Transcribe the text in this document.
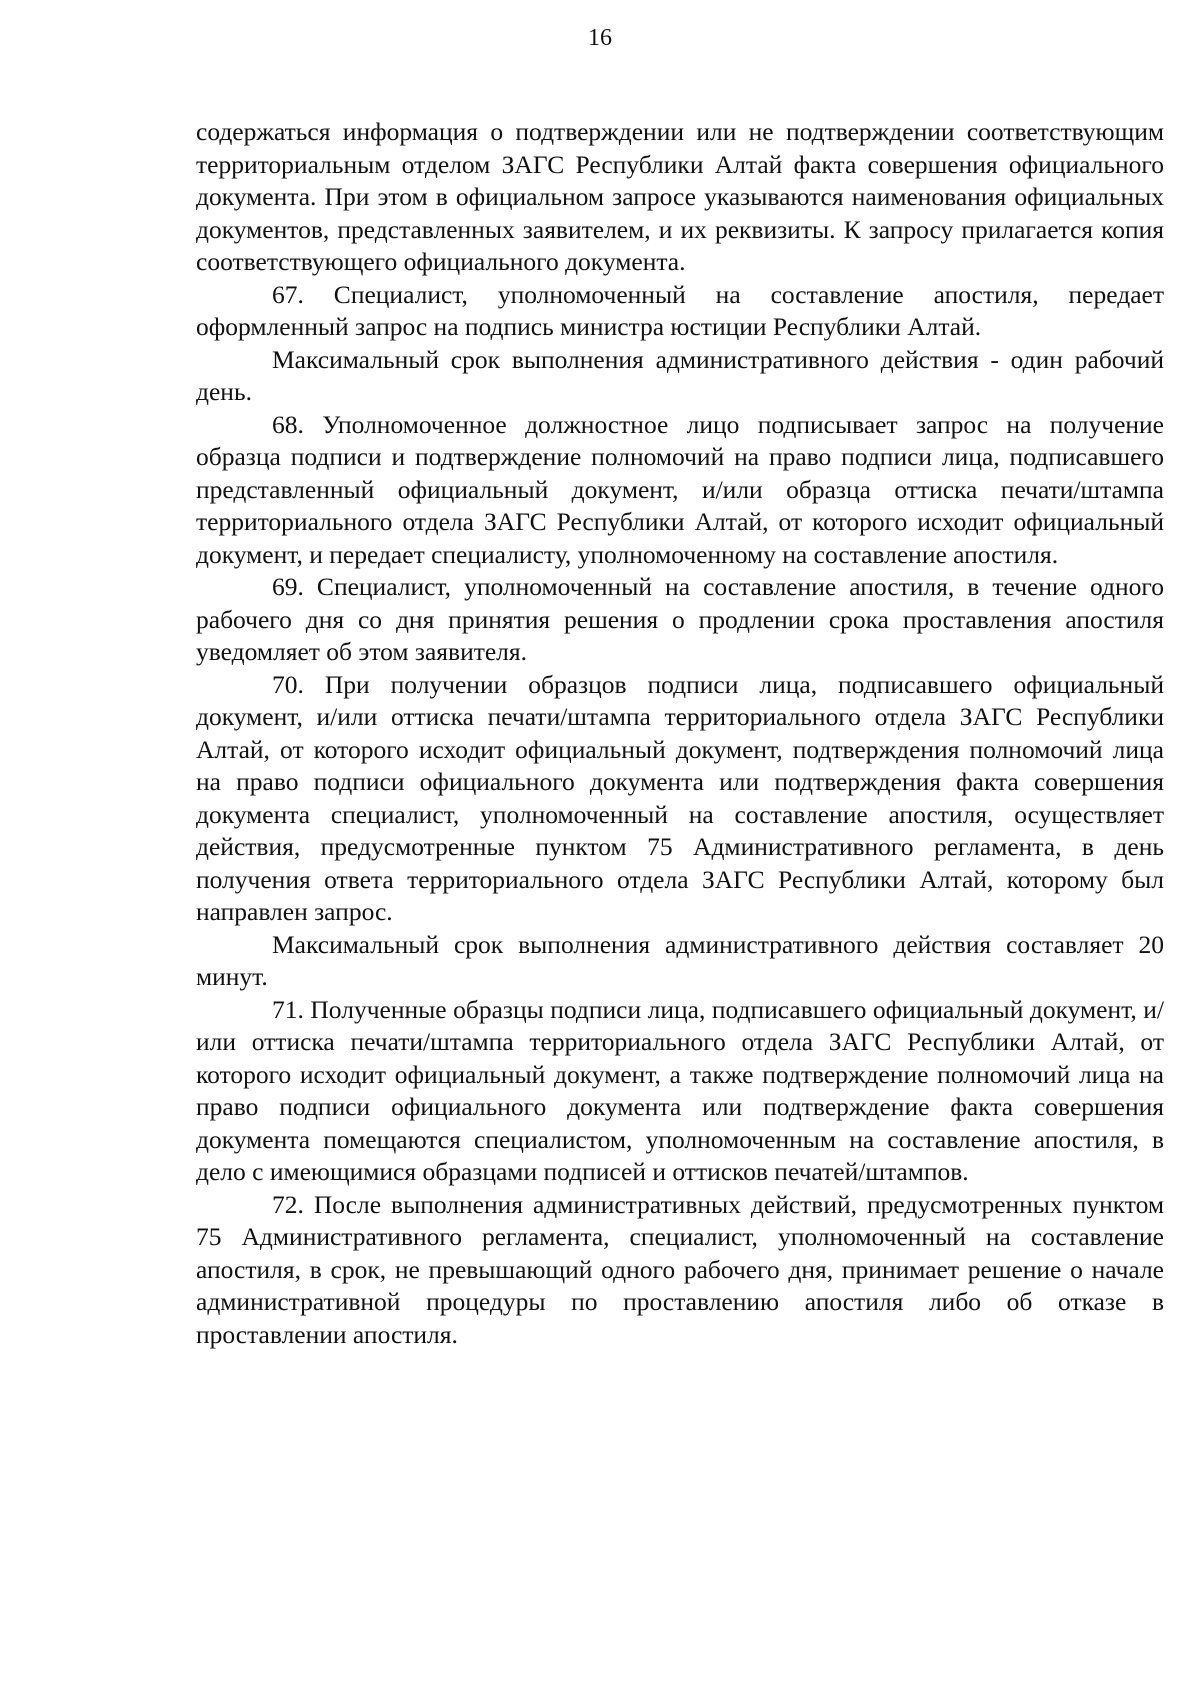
16

содержаться информация о подтверждении или не подтверждении соответствующим территориальным отделом ЗАГС Республики Алтай факта совершения официального документа. При этом в официальном запросе указываются наименования официальных документов, представленных заявителем, и их реквизиты. К запросу прилагается копия соответствующего официального документа.

67. Специалист, уполномоченный на составление апостиля, передает оформленный запрос на подпись министра юстиции Республики Алтай.

Максимальный срок выполнения административного действия - один рабочий день.

68. Уполномоченное должностное лицо подписывает запрос на получение образца подписи и подтверждение полномочий на право подписи лица, подписавшего представленный официальный документ, и/или образца оттиска печати/штампа территориального отдела ЗАГС Республики Алтай, от которого исходит официальный документ, и передает специалисту, уполномоченному на составление апостиля.

69. Специалист, уполномоченный на составление апостиля, в течение одного рабочего дня со дня принятия решения о продлении срока проставления апостиля уведомляет об этом заявителя.

70. При получении образцов подписи лица, подписавшего официальный документ, и/или оттиска печати/штампа территориального отдела ЗАГС Республики Алтай, от которого исходит официальный документ, подтверждения полномочий лица на право подписи официального документа или подтверждения факта совершения документа специалист, уполномоченный на составление апостиля, осуществляет действия, предусмотренные пунктом 75 Административного регламента, в день получения ответа территориального отдела ЗАГС Республики Алтай, которому был направлен запрос.

Максимальный срок выполнения административного действия составляет 20 минут.

71. Полученные образцы подписи лица, подписавшего официальный документ, и/или оттиска печати/штампа территориального отдела ЗАГС Республики Алтай, от которого исходит официальный документ, а также подтверждение полномочий лица на право подписи официального документа или подтверждение факта совершения документа помещаются специалистом, уполномоченным на составление апостиля, в дело с имеющимися образцами подписей и оттисков печатей/штампов.

72. После выполнения административных действий, предусмотренных пунктом 75 Административного регламента, специалист, уполномоченный на составление апостиля, в срок, не превышающий одного рабочего дня, принимает решение о начале административной процедуры по проставлению апостиля либо об отказе в проставлении апостиля.
